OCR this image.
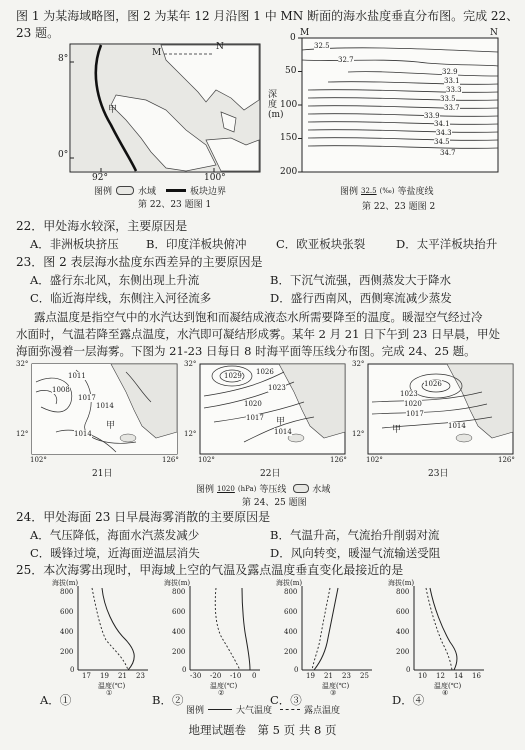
图 1 为某海域略图，图 2 为某年 12 月沿图 1 中 MN 断面的海水盐度垂直分布图。完成 22、
23 题。
8°
0°
92°	100°
M
N
甲
图例	水域	板块边界
第 22、23 题图 1
M	N
深度(m)
0
50
100
150
200
32.5
32.7
32.9
33.1
33.3
33.5
33.7
33.9
34.1
34.3
34.5
34.7
图例 32.5 (‰) 等盐度线
第 22、23 题图 2
22．甲处海水较深，主要原因是
A．非洲板块挤压 B．印度洋板块俯冲	C．欧亚板块张裂	D．太平洋板块抬升
23．图 2 表层海水盐度东西差异的主要原因是
A．盛行东北风，东侧出现上升流	B．下沉气流强，西侧蒸发大于降水
C．临近海岸线，东侧注入河径流多	D．盛行西南风，西侧寒流减少蒸发
露点温度是指空气中的水汽达到饱和而凝结成液态水所需要降至的温度。暖湿空气经过冷
水面时，气温若降至露点温度，水汽即可凝结形成雾。某年 2 月 21 日下午到 23 日早晨，甲处
海面弥漫着一层海雾。下图为 21-23 日每日 8 时海平面等压线分布图。完成 24、25 题。
32°
12°
102°	126°
1008
1011
1017
1014
1014
甲
21日
32°
12°
102°	126°
1026
1023
1029
1020
1017
1014
甲
22日
32°
12°
102°	126°
1026
1023
1020
1017
1014
甲
23日
图例 1020 (hPa) 等压线	水域
第 24、25 题图
24．甲处海面 23 日早晨海雾消散的主要原因是
A．气压降低，海面水汽蒸发减少	B．气温升高，气流抬升削弱对流
C．暖锋过境，近海面逆温层消失	D．风向转变，暖湿气流输送受阻
25．本次海雾出现时，甲海域上空的气温及露点温度垂直变化最接近的是
海拔(m)
800
600
400
200
0
17 19 21 23
温度(℃)
①
海拔(m)
800
600
400
200
0
-30 -20 -10 0
温度(℃)
②
海拔(m)
800
600
400
200
0
19 21 23 25
温度(℃)
③
海拔(m)
800
600
400
200
0
10 12 14 16
温度(℃)
④
图例	大气温度	露点温度
A．①	B．②	C．③	D．④
地理试题卷　第 5 页 共 8 页
